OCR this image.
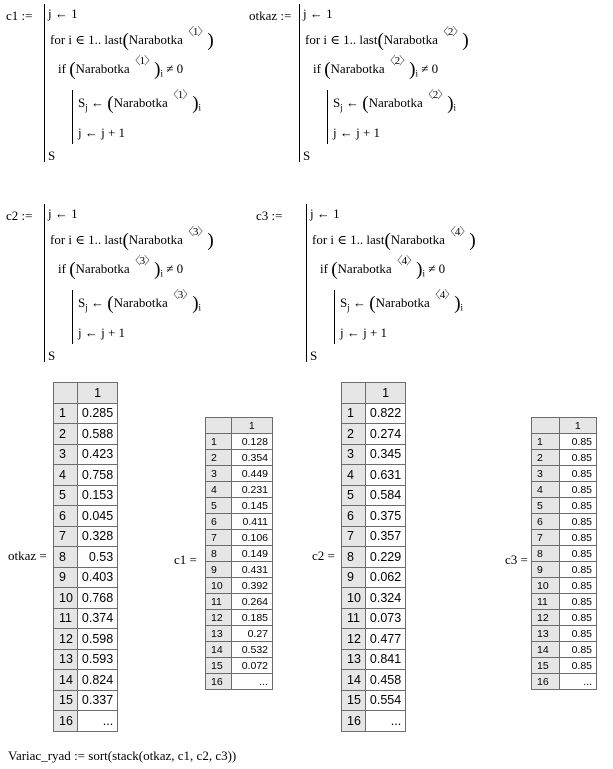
c1 := j ← 1
for i ∈ 1.. last(Narabotka$^{〈1〉}$)
if $(Narabotka^{〈1〉})_i \ne 0$
$S_j$ ← $(Narabotka^{〈1〉})_i$
j ← j + 1
S
otkaz := j ← 1
for i ∈ 1.. last(Narabotka$^{〈2〉}$)
if $(Narabotka^{〈2〉})_i \ne 0$
$S_j$ ← $(Narabotka^{〈2〉})_i$
j ← j + 1
S
c2 := j ← 1
for i ∈ 1.. last(Narabotka$^{〈3〉}$)
if $(Narabotka^{〈3〉})_i \ne 0$
$S_j$ ← $(Narabotka^{〈3〉})_i$
j ← j + 1
S
c3 := j ← 1
for i ∈ 1.. last(Narabotka$^{〈4〉}$)
if $(Narabotka^{〈4〉})_i \ne 0$
$S_j$ ← $(Narabotka^{〈4〉})_i$
j ← j + 1
S
otkaz =
	1
1	0.285
2	0.588
3	0.423
4	0.758
5	0.153
6	0.045
7	0.328
8	0.53
9	0.403
10	0.768
11	0.374
12	0.598
13	0.593
14	0.824
15	0.337
16	...
c1 =
	1
1	0.128
2	0.354
3	0.449
4	0.231
5	0.145
6	0.411
7	0.106
8	0.149
9	0.431
10	0.392
11	0.264
12	0.185
13	0.27
14	0.532
15	0.072
16	...
c2 =
	1
1	0.822
2	0.274
3	0.345
4	0.631
5	0.584
6	0.375
7	0.357
8	0.229
9	0.062
10	0.324
11	0.073
12	0.477
13	0.841
14	0.458
15	0.554
16	...
c3 =
	1
1	0.85
2	0.85
3	0.85
4	0.85
5	0.85
6	0.85
7	0.85
8	0.85
9	0.85
10	0.85
11	0.85
12	0.85
13	0.85
14	0.85
15	0.85
16	...
Variac_ryad := sort(stack(otkaz, c1, c2, c3))
